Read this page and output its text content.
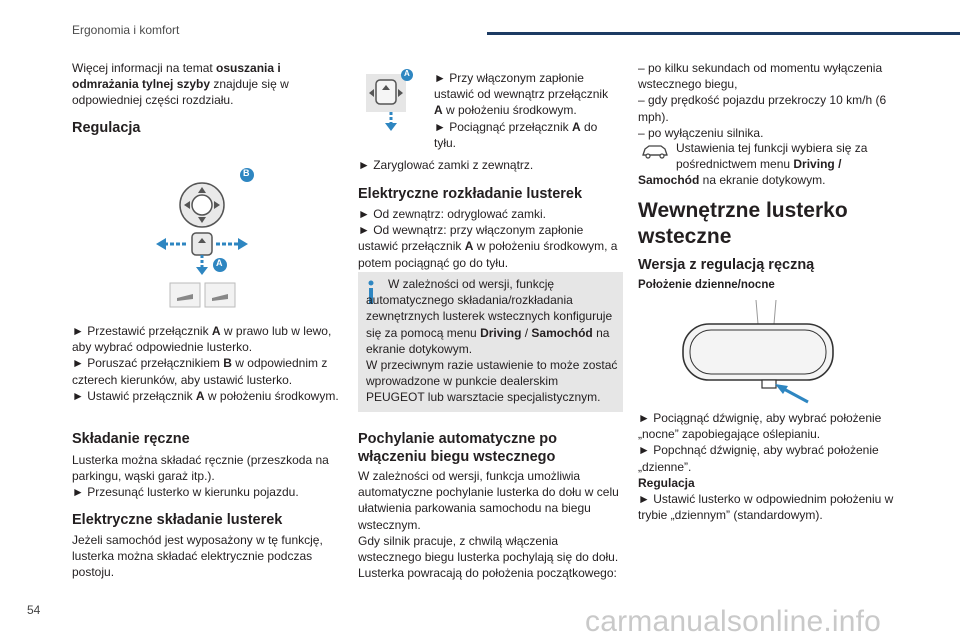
Ergonomia i komfort

Więcej informacji na temat osuszania i odmrażania tylnej szyby znajduje się w odpowiedniej części rozdziału.

Regulacja
B
A

► Przestawić przełącznik A w prawo lub w lewo, aby wybrać odpowiednie lusterko.

► Poruszać przełącznikiem B w odpowiednim z czterech kierunków, aby ustawić lusterko.

► Ustawić przełącznik A w położeniu środkowym.

Składanie ręczne

Lusterka można składać ręcznie (przeszkoda na parkingu, wąski garaż itp.).

► Przesunąć lusterko w kierunku pojazdu.

Elektryczne składanie lusterek

Jeżeli samochód jest wyposażony w tę funkcję, lusterka można składać elektrycznie podczas postoju.

A ► Przy włączonym zapłonie ustawić od wewnątrz przełącznik A w położeniu środkowym.

► Pociągnąć przełącznik A do tyłu.

► Zaryglować zamki z zewnątrz.

Elektryczne rozkładanie lusterek

► Od zewnątrz: odryglować zamki.

► Od wewnątrz: przy włączonym zapłonie ustawić przełącznik A w położeniu środkowym, a potem pociągnąć go do tyłu.

W zależności od wersji, funkcję automatycznego składania/rozkładania zewnętrznych lusterek wstecznych konfiguruje się za pomocą menu Driving / Samochód na ekranie dotykowym.

W przeciwnym razie ustawienie to może zostać wprowadzone w punkcie dealerskim PEUGEOT lub warsztacie specjalistycznym.

Pochylanie automatyczne po włączeniu biegu wstecznego
W zależności od wersji, funkcja umożliwia automatyczne pochylanie lusterka do dołu w celu ułatwienia parkowania samochodu na biegu wstecznym.
Gdy silnik pracuje, z chwilą włączenia wstecznego biegu lusterka pochylają się do dołu.
Lusterka powracają do położenia początkowego:

– po kilku sekundach od momentu wyłączenia wstecznego biegu,

– gdy prędkość pojazdu przekroczy 10 km/h (6 mph).

– po wyłączeniu silnika.

Ustawienia tej funkcji wybiera się za pośrednictwem menu Driving /

Samochód na ekranie dotykowym.

Wewnętrzne lusterko wsteczne
Wersja z regulacją ręczną
Położenie dzienne/nocne

► Pociągnąć dźwignię, aby wybrać położenie „nocne” zapobiegające oślepianiu.

► Popchnąć dźwignię, aby wybrać położenie „dzienne”.

Regulacja

► Ustawić lusterko w odpowiednim położeniu w trybie „dziennym” (standardowym).

54	carmanualsonline.info
